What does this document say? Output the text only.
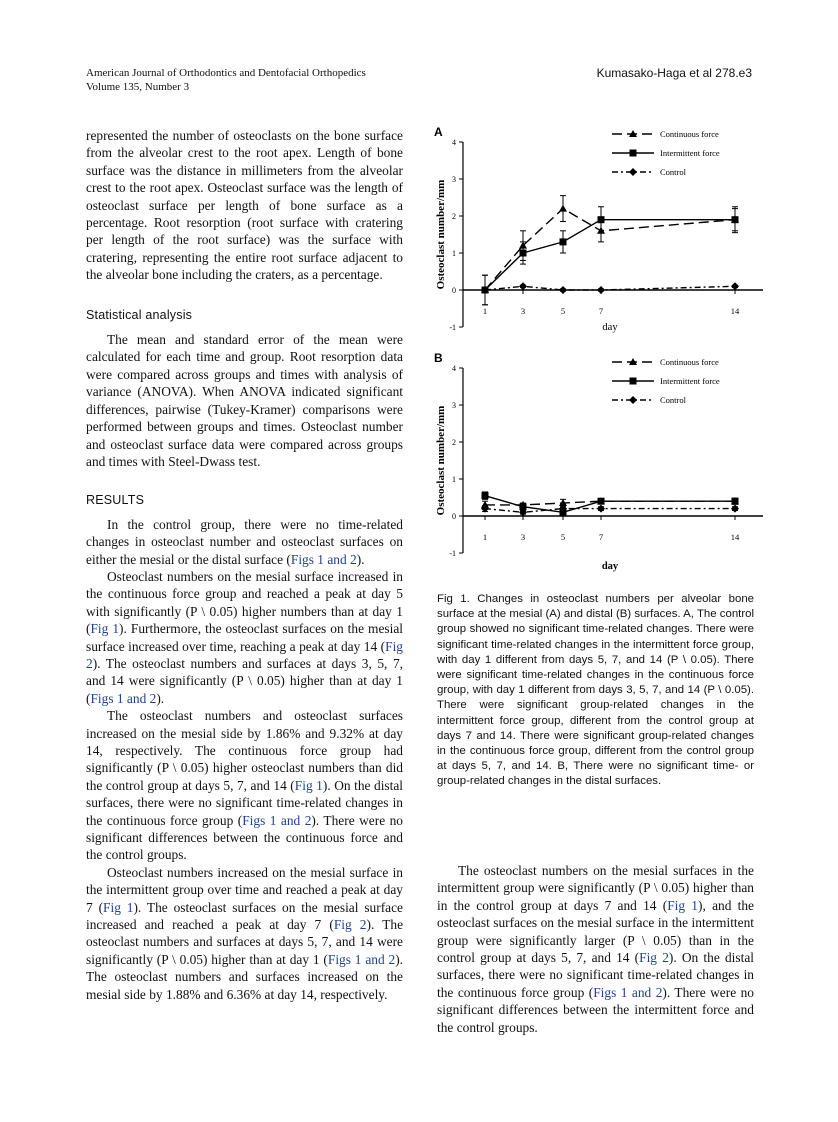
American Journal of Orthodontics and Dentofacial Orthopedics
Volume 135, Number 3
Kumasako-Haga et al 278.e3

represented the number of osteoclasts on the bone surface from the alveolar crest to the root apex. Length of bone surface was the distance in millimeters from the alveolar crest to the root apex. Osteoclast surface was the length of osteoclast surface per length of bone surface as a percentage. Root resorption (root surface with cratering per length of the root surface) was the surface with cratering, representing the entire root surface adjacent to the alveolar bone including the craters, as a percentage.

Statistical analysis

The mean and standard error of the mean were calculated for each time and group. Root resorption data were compared across groups and times with analysis of variance (ANOVA). When ANOVA indicated significant differences, pairwise (Tukey-Kramer) comparisons were performed between groups and times. Osteoclast number and osteoclast surface data were compared across groups and times with Steel-Dwass test.

RESULTS

In the control group, there were no time-related changes in osteoclast number and osteoclast surfaces on either the mesial or the distal surface (Figs 1 and 2).

Osteoclast numbers on the mesial surface increased in the continuous force group and reached a peak at day 5 with significantly (P \ 0.05) higher numbers than at day 1 (Fig 1). Furthermore, the osteoclast surfaces on the mesial surface increased over time, reaching a peak at day 14 (Fig 2). The osteoclast numbers and surfaces at days 3, 5, 7, and 14 were significantly (P \ 0.05) higher than at day 1 (Figs 1 and 2).

The osteoclast numbers and osteoclast surfaces increased on the mesial side by 1.86% and 9.32% at day 14, respectively. The continuous force group had significantly (P \ 0.05) higher osteoclast numbers than did the control group at days 5, 7, and 14 (Fig 1). On the distal surfaces, there were no significant time-related changes in the continuous force group (Figs 1 and 2). There were no significant differences between the continuous force and the control groups.

Osteoclast numbers increased on the mesial surface in the intermittent group over time and reached a peak at day 7 (Fig 1). The osteoclast surfaces on the mesial surface increased and reached a peak at day 7 (Fig 2). The osteoclast numbers and surfaces at days 5, 7, and 14 were significantly (P \ 0.05) higher than at day 1 (Figs 1 and 2). The osteoclast numbers and surfaces increased on the mesial side by 1.88% and 6.36% at day 14, respectively.

A
-1
0
1
2
3
4
1	3	5	7	14
day
Osteoclast number/mm
Continuous force
Intermittent force
Control
B
-1
0
1
2
3
4
1	3	5	7	14
day
Osteoclast number/mm
Continuous force
Intermittent force
Control
Fig 1. Changes in osteoclast numbers per alveolar bone surface at the mesial (A) and distal (B) surfaces. A, The control group showed no significant time-related changes. There were significant time-related changes in the intermittent force group, with day 1 different from days 5, 7, and 14 (P \ 0.05). There were significant time-related changes in the continuous force group, with day 1 different from days 3, 5, 7, and 14 (P \ 0.05). There were significant group-related changes in the intermittent force group, different from the control group at days 7 and 14. There were significant group-related changes in the continuous force group, different from the control group at days 5, 7, and 14. B, There were no significant time- or group-related changes in the distal surfaces.

The osteoclast numbers on the mesial surfaces in the intermittent group were significantly (P \ 0.05) higher than in the control group at days 7 and 14 (Fig 1), and the osteoclast surfaces on the mesial surface in the intermittent group were significantly larger (P \ 0.05) than in the control group at days 5, 7, and 14 (Fig 2). On the distal surfaces, there were no significant time-related changes in the continuous force group (Figs 1 and 2). There were no significant differences between the intermittent force and the control groups.
